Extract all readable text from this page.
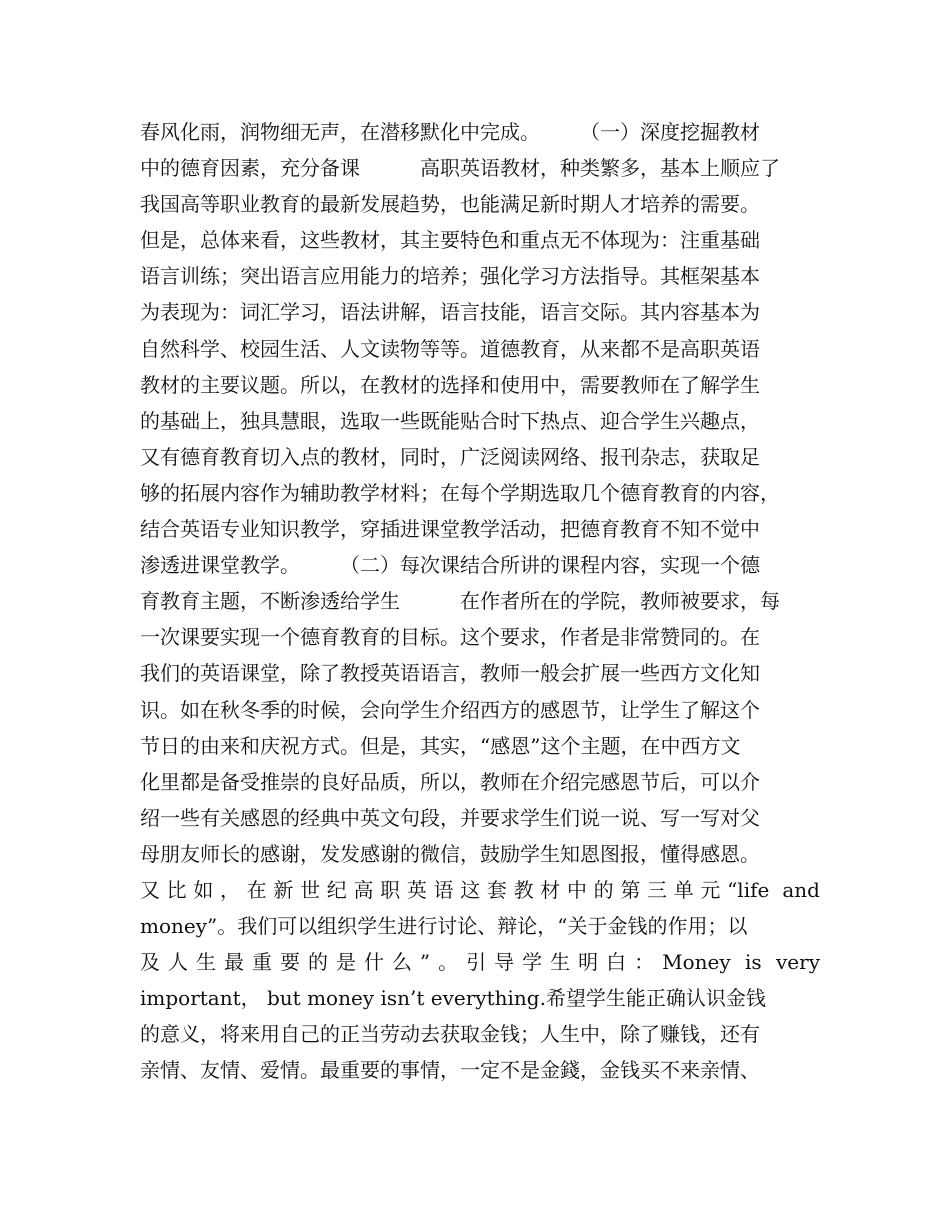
春风化雨，润物细无声，在潜移默化中完成。　　　（一）深度挖掘教材
中的德育因素，充分备课　　　高职英语教材，种类繁多，基本上顺应了
我国高等职业教育的最新发展趋势，也能满足新时期人才培养的需要。
但是，总体来看，这些教材，其主要特色和重点无不体现为：注重基础
语言训练；突出语言应用能力的培养；强化学习方法指导。其框架基本
为表现为：词汇学习，语法讲解，语言技能，语言交际。其内容基本为
自然科学、校园生活、人文读物等等。道德教育，从来都不是高职英语
教材的主要议题。所以，在教材的选择和使用中，需要教师在了解学生
的基础上，独具慧眼，选取一些既能贴合时下热点、迎合学生兴趣点，
又有德育教育切入点的教材，同时，广泛阅读网络、报刊杂志，获取足
够的拓展内容作为辅助教学材料；在每个学期选取几个德育教育的内容，
结合英语专业知识教学，穿插进课堂教学活动，把德育教育不知不觉中
渗透进课堂教学。　　　（二）每次课结合所讲的课程内容，实现一个德
育教育主题，不断渗透给学生　　　在作者所在的学院，教师被要求，每
一次课要实现一个德育教育的目标。这个要求，作者是非常赞同的。在
我们的英语课堂，除了教授英语语言，教师一般会扩展一些西方文化知
识。如在秋冬季的时候，会向学生介绍西方的感恩节，让学生了解这个
节日的由来和庆祝方式。但是，其实，“感恩”这个主题，在中西方文
化里都是备受推崇的良好品质，所以，教师在介绍完感恩节后，可以介
绍一些有关感恩的经典中英文句段，并要求学生们说一说、写一写对父
母朋友师长的感谢，发发感谢的微信，鼓励学生知恩图报，懂得感恩。
又比如，在新世纪高职英语这套教材中的第三单元“life and
money”。我们可以组织学生进行讨论、辩论，“关于金钱的作用；以
及人生最重要的是什么”。引导学生明白：Money is very
important， but money isn’t everything.希望学生能正确认识金钱
的意义，将来用自己的正当劳动去获取金钱；人生中，除了赚钱，还有
亲情、友情、爱情。最重要的事情，一定不是金錢，金钱买不来亲情、
